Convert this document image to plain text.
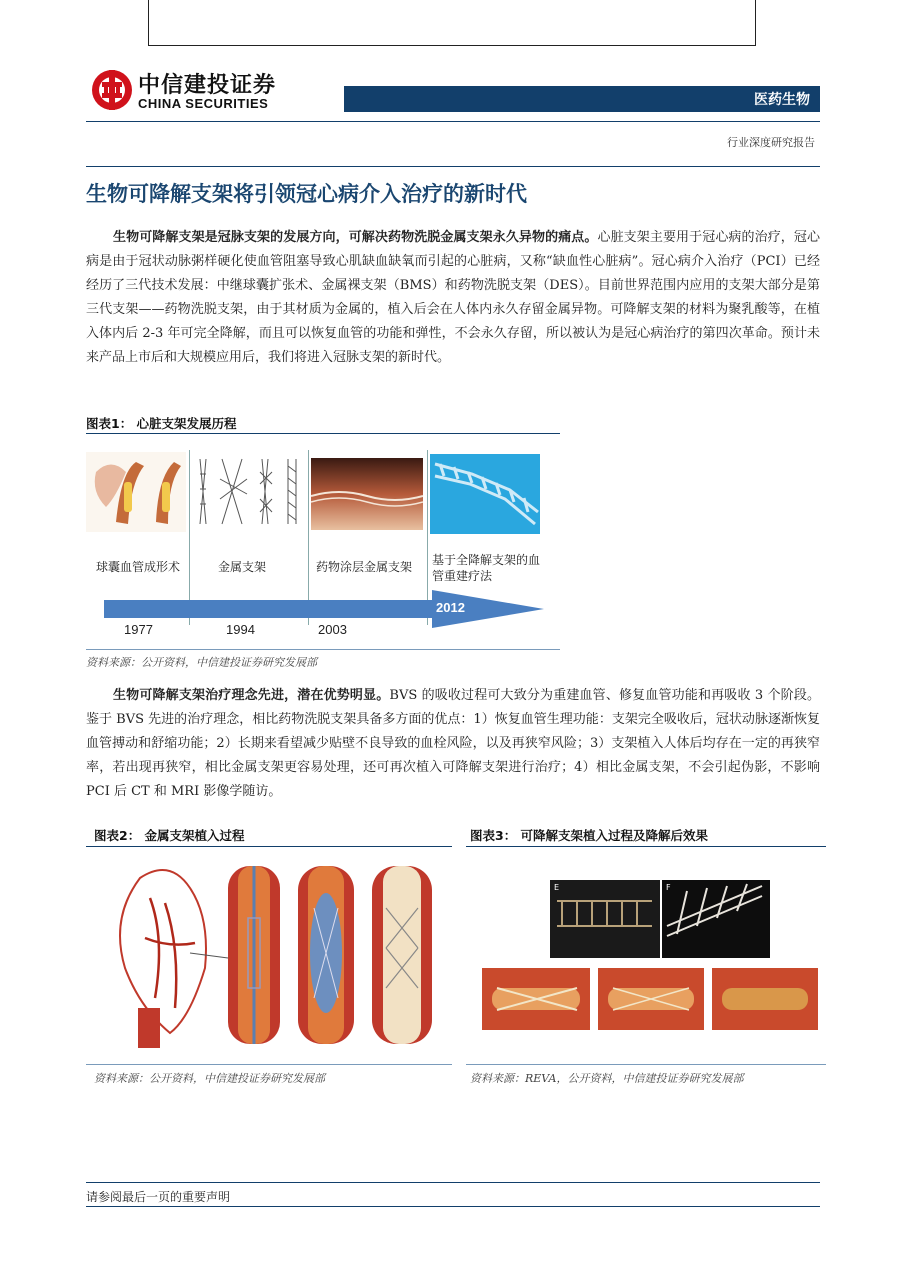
中信建投证券
CHINA SECURITIES	医药生物
行业深度研究报告
生物可降解支架将引领冠心病介入治疗的新时代
生物可降解支架是冠脉支架的发展方向，可解决药物洗脱金属支架永久异物的痛点。心脏支架主要用于冠心病的治疗，冠心病是由于冠状动脉粥样硬化使血管阻塞导致心肌缺血缺氧而引起的心脏病，又称“缺血性心脏病”。冠心病介入治疗（PCI）已经经历了三代技术发展：中继球囊扩张术、金属裸支架（BMS）和药物洗脱支架（DES）。目前世界范围内应用的支架大部分是第三代支架——药物洗脱支架，由于其材质为金属的，植入后会在人体内永久存留金属异物。可降解支架的材料为聚乳酸等，在植入体内后 2-3 年可完全降解，而且可以恢复血管的功能和弹性，不会永久存留，所以被认为是冠心病治疗的第四次革命。预计未来产品上市后和大规模应用后，我们将进入冠脉支架的新时代。
图表1： 心脏支架发展历程
球囊血管成形术	金属支架	药物涂层金属支架 基于全降解支架的血管重建疗法
1977	1994	2003
2012
资料来源：公开资料，中信建投证券研究发展部
生物可降解支架治疗理念先进，潜在优势明显。BVS 的吸收过程可大致分为重建血管、修复血管功能和再吸收 3 个阶段。鉴于 BVS 先进的治疗理念，相比药物洗脱支架具备多方面的优点：1）恢复血管生理功能：支架完全吸收后，冠状动脉逐渐恢复血管搏动和舒缩功能；2）长期来看望减少贴壁不良导致的血栓风险，以及再狭窄风险；3）支架植入人体后均存在一定的再狭窄率，若出现再狭窄，相比金属支架更容易处理，还可再次植入可降解支架进行治疗；4）相比金属支架，不会引起伪影，不影响 PCI 后 CT 和 MRI 影像学随访。
图表2： 金属支架植入过程
资料来源：公开资料，中信建投证券研究发展部
图表3： 可降解支架植入过程及降解后效果
E	F
资料来源：REVA，公开资料，中信建投证券研究发展部
请参阅最后一页的重要声明
